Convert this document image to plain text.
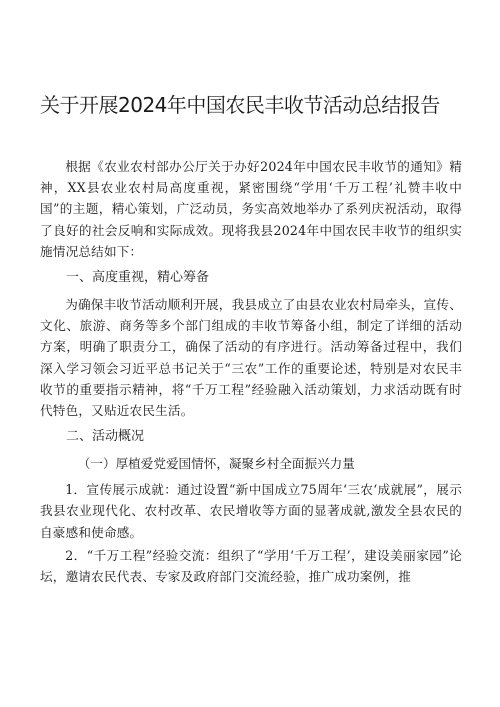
关于开展2024年中国农民丰收节活动总结报告

根据《农业农村部办公厅关于办好2024年中国农民丰收节的通知》精神，XX县农业农村局高度重视，紧密围绕“学用‘千万工程’礼赞丰收中国”的主题，精心策划，广泛动员，务实高效地举办了系列庆祝活动，取得了良好的社会反响和实际成效。现将我县2024年中国农民丰收节的组织实施情况总结如下：

一、高度重视，精心筹备

为确保丰收节活动顺利开展，我县成立了由县农业农村局牵头，宣传、文化、旅游、商务等多个部门组成的丰收节筹备小组，制定了详细的活动方案，明确了职责分工，确保了活动的有序进行。活动筹备过程中，我们深入学习领会习近平总书记关于“三农”工作的重要论述，特别是对农民丰收节的重要指示精神，将“千万工程”经验融入活动策划，力求活动既有时代特色，又贴近农民生活。

二、活动概况
（一）厚植爱党爱国情怀，凝聚乡村全面振兴力量

1．宣传展示成就：通过设置“新中国成立75周年‘三农‘成就展”，展示我县农业现代化、农村改革、农民增收等方面的显著成就,激发全县农民的自豪感和使命感。

2．“千万工程”经验交流：组织了“学用‘千万工程’，建设美丽家园”论坛，邀请农民代表、专家及政府部门交流经验，推广成功案例，推
